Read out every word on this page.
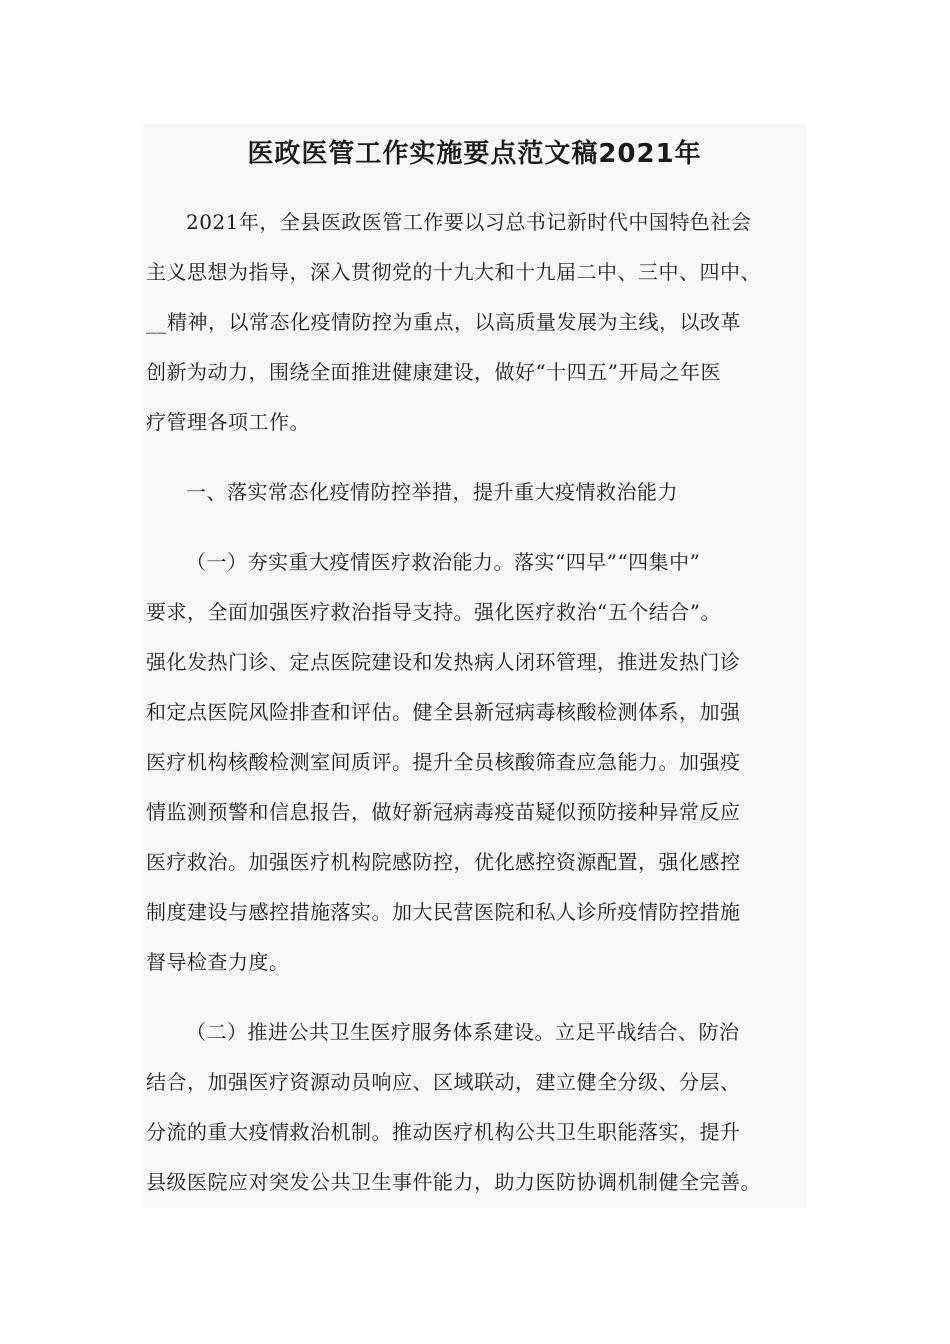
医政医管工作实施要点范文稿2021年
2021年，全县医政医管工作要以习总书记新时代中国特色社会
主义思想为指导，深入贯彻党的十九大和十九届二中、三中、四中、
__精神，以常态化疫情防控为重点，以高质量发展为主线，以改革
创新为动力，围绕全面推进健康建设，做好“十四五”开局之年医
疗管理各项工作。
一、落实常态化疫情防控举措，提升重大疫情救治能力
（一）夯实重大疫情医疗救治能力。落实“四早”“四集中”
要求，全面加强医疗救治指导支持。强化医疗救治“五个结合”。
强化发热门诊、定点医院建设和发热病人闭环管理，推进发热门诊
和定点医院风险排查和评估。健全县新冠病毒核酸检测体系，加强
医疗机构核酸检测室间质评。提升全员核酸筛查应急能力。加强疫
情监测预警和信息报告，做好新冠病毒疫苗疑似预防接种异常反应
医疗救治。加强医疗机构院感防控，优化感控资源配置，强化感控
制度建设与感控措施落实。加大民营医院和私人诊所疫情防控措施
督导检查力度。
（二）推进公共卫生医疗服务体系建设。立足平战结合、防治
结合，加强医疗资源动员响应、区域联动，建立健全分级、分层、
分流的重大疫情救治机制。推动医疗机构公共卫生职能落实，提升
县级医院应对突发公共卫生事件能力，助力医防协调机制健全完善。
